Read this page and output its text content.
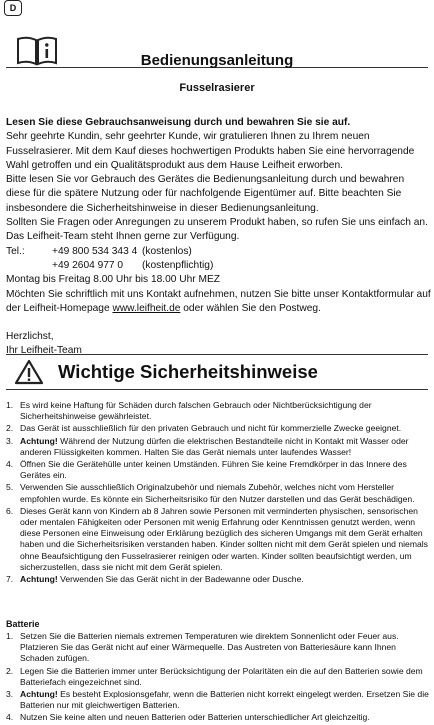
D
Bedienungsanleitung
Fusselrasierer

Lesen Sie diese Gebrauchsanweisung durch und bewahren Sie sie auf.

Sehr geehrte Kundin, sehr geehrter Kunde, wir gratulieren Ihnen zu Ihrem neuen Fusselrasierer. Mit dem Kauf dieses hochwertigen Produkts haben Sie eine hervorragende Wahl getroffen und ein Qualitätsprodukt aus dem Hause Leifheit erworben.

Bitte lesen Sie vor Gebrauch des Gerätes die Bedienungsanleitung durch und bewahren diese für die spätere Nutzung oder für nachfolgende Eigentümer auf. Bitte beachten Sie insbesondere die Sicherheitshinweise in dieser Bedienungsanleitung.

Sollten Sie Fragen oder Anregungen zu unserem Produkt haben, so rufen Sie uns einfach an. Das Leifheit-Team steht Ihnen gerne zur Verfügung.

Tel.:	+49 800 534 343 4 (kostenlos)

+49 2604 977 0 (kostenpflichtig)

Montag bis Freitag 8.00 Uhr bis 18.00 Uhr MEZ

Möchten Sie schriftlich mit uns Kontakt aufnehmen, nutzen Sie bitte unser Kontaktformular auf der Leifheit-Homepage www.leifheit.de oder wählen Sie den Postweg.

Herzlichst,

Ihr Leifheit-Team

Wichtige Sicherheitshinweise
1. Es wird keine Haftung für Schäden durch falschen Gebrauch oder Nichtberücksichtigung der Sicherheitshinweise gewährleistet.
2. Das Gerät ist ausschließlich für den privaten Gebrauch und nicht für kommerzielle Zwecke geeignet.
3. Achtung! Während der Nutzung dürfen die elektrischen Bestandteile nicht in Kontakt mit Wasser oder anderen Flüssigkeiten kommen. Halten Sie das Gerät niemals unter laufendes Wasser!
4. Öffnen Sie die Gerätehülle unter keinen Umständen. Führen Sie keine Fremdkörper in das Innere des Gerätes ein.
5. Verwenden Sie ausschließlich Originalzubehör und niemals Zubehör, welches nicht vom Hersteller empfohlen wurde. Es könnte ein Sicherheitsrisiko für den Nutzer darstellen und das Gerät beschädigen.
6. Dieses Gerät kann von Kindern ab 8 Jahren sowie Personen mit verminderten physischen, sensorischen oder mentalen Fähigkeiten oder Personen mit wenig Erfahrung oder Kenntnissen genutzt werden, wenn diese Personen eine Einweisung oder Erklärung bezüglich des sicheren Umgangs mit dem Gerät erhalten haben und die Sicherheitsrisiken verstanden haben. Kinder sollten nicht mit dem Gerät spielen und niemals ohne Beaufsichtigung den Fusselrasierer reinigen oder warten. Kinder sollten beaufsichtigt werden, um sicherzustellen, dass sie nicht mit dem Gerät spielen.
7. Achtung! Verwenden Sie das Gerät nicht in der Badewanne oder Dusche.
Batterie
1. Setzen Sie die Batterien niemals extremen Temperaturen wie direktem Sonnenlicht oder Feuer aus. Platzieren Sie das Gerät nicht auf einer Wärmequelle. Das Austreten von Batteriesäure kann Ihnen Schaden zufügen.
2. Legen Sie die Batterien immer unter Berücksichtigung der Polaritäten ein die auf den Batterien sowie dem Batteriefach eingezeichnet sind.
3. Achtung! Es besteht Explosionsgefahr, wenn die Batterien nicht korrekt eingelegt werden. Ersetzen Sie die Batterien nur mit gleichwertigen Batterien.
4. Nutzen Sie keine alten und neuen Batterien oder Batterien unterschiedlicher Art gleichzeitig.
